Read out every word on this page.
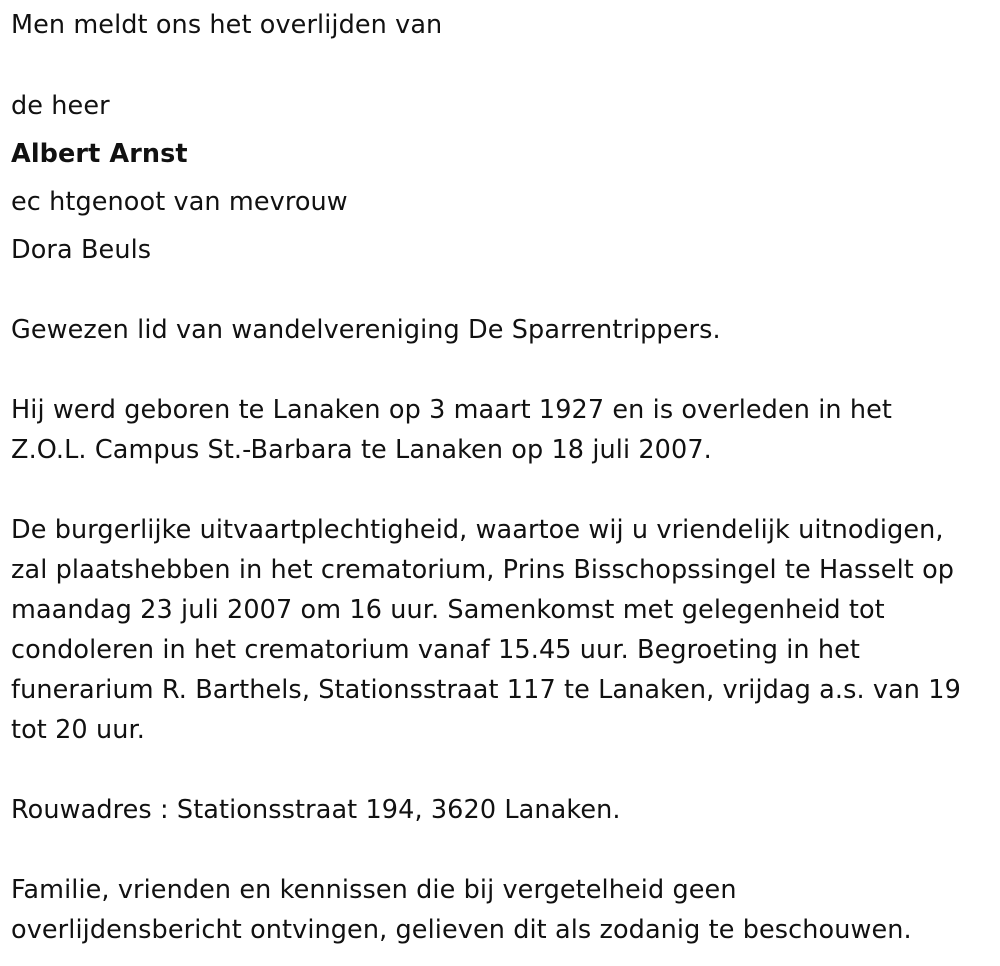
Men meldt ons het overlijden van
de heer
Albert Arnst
ec htgenoot van mevrouw
Dora Beuls
Gewezen lid van wandelvereniging De Sparrentrippers.
Hij werd geboren te Lanaken op 3 maart 1927 en is overleden in het
Z.O.L. Campus St.-Barbara te Lanaken op 18 juli 2007.
De burgerlijke uitvaartplechtigheid, waartoe wij u vriendelijk uitnodigen,
zal plaatshebben in het crematorium, Prins Bisschopssingel te Hasselt op
maandag 23 juli 2007 om 16 uur. Samenkomst met gelegenheid tot
condoleren in het crematorium vanaf 15.45 uur. Begroeting in het
funerarium R. Barthels, Stationsstraat 117 te Lanaken, vrijdag a.s. van 19
tot 20 uur.
Rouwadres : Stationsstraat 194, 3620 Lanaken.
Familie, vrienden en kennissen die bij vergetelheid geen
overlijdensbericht ontvingen, gelieven dit als zodanig te beschouwen.
